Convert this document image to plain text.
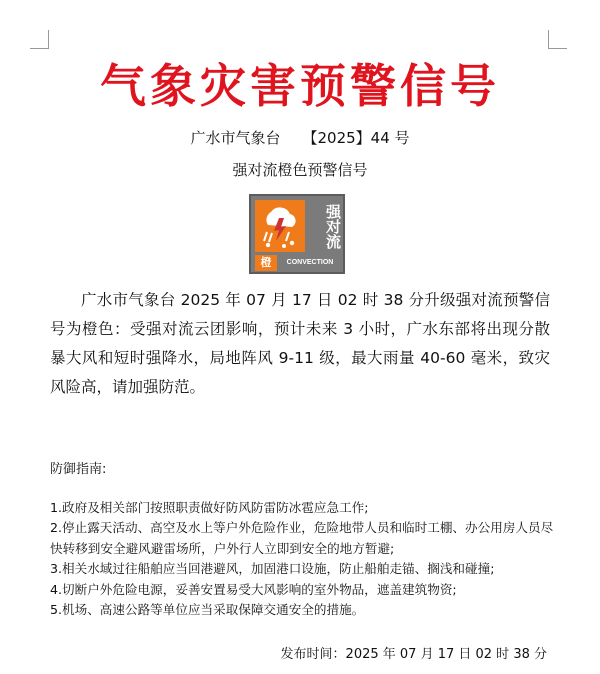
气象灾害预警信号
广水市气象台 【2025】44 号
强对流橙色预警信号
强对流
橙	CONVECTION
广水市气象台 2025 年 07 月 17 日 02 时 38 分升级强对流预警信号为橙色：受强对流云团影响，预计未来 3 小时，广水东部将出现分散暴大风和短时强降水，局地阵风 9-11 级，最大雨量 40-60 毫米，致灾风险高，请加强防范。
防御指南:
1.政府及相关部门按照职责做好防风防雷防冰雹应急工作;
2.停止露天活动、高空及水上等户外危险作业，危险地带人员和临时工棚、办公用房人员尽快转移到安全避风避雷场所，户外行人立即到安全的地方暂避;
3.相关水域过往船舶应当回港避风，加固港口设施，防止船舶走锚、搁浅和碰撞;
4.切断户外危险电源，妥善安置易受大风影响的室外物品，遮盖建筑物资;
5.机场、高速公路等单位应当采取保障交通安全的措施。
发布时间：2025 年 07 月 17 日 02 时 38 分
